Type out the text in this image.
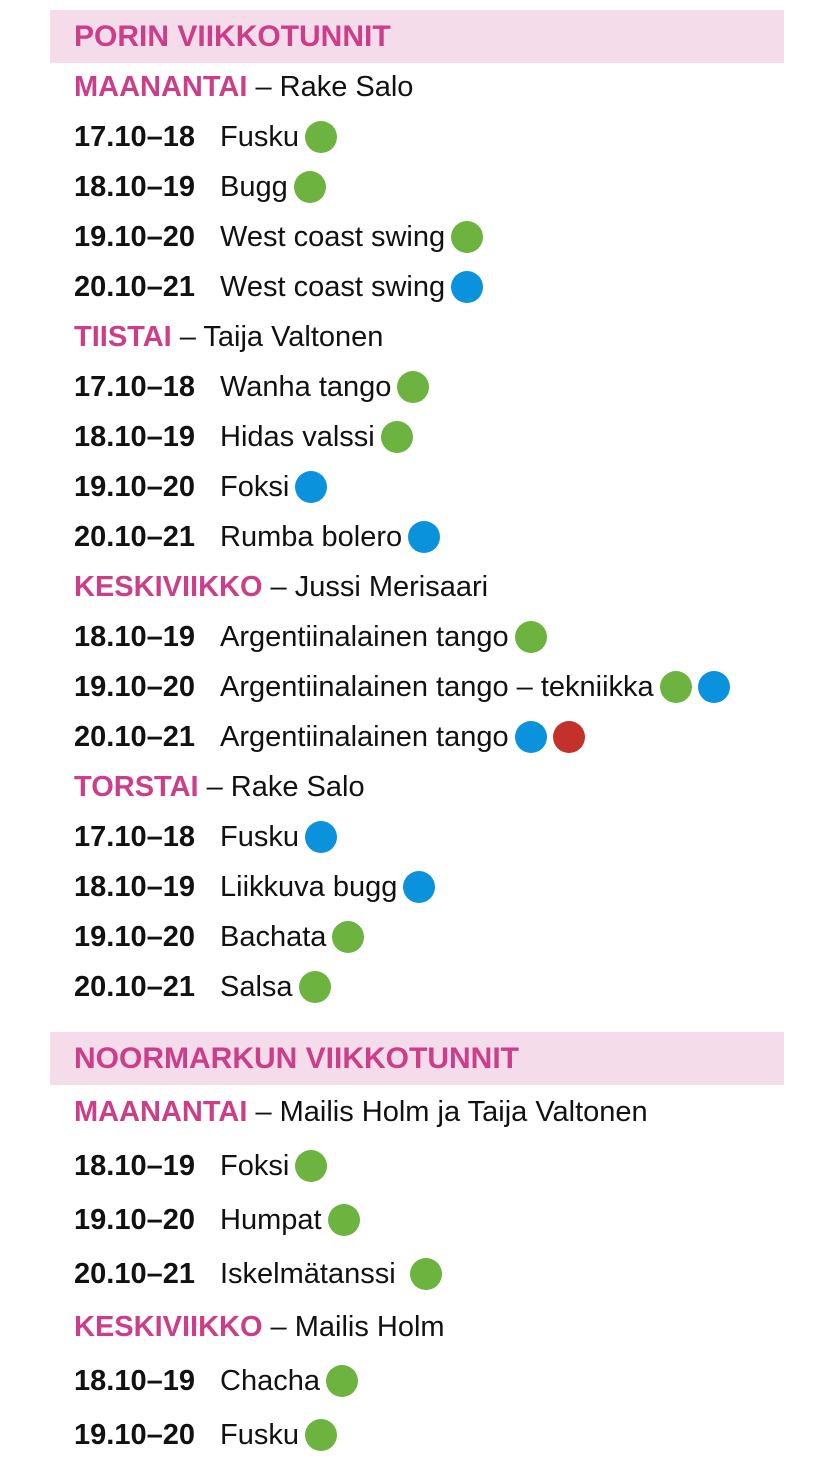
PORIN VIIKKOTUNNIT
MAANANTAI – Rake Salo
17.10–18 Fusku
18.10–19 Bugg
19.10–20 West coast swing
20.10–21 West coast swing
TIISTAI – Taija Valtonen
17.10–18 Wanha tango
18.10–19 Hidas valssi
19.10–20 Foksi
20.10–21 Rumba bolero
KESKIVIIKKO – Jussi Merisaari
18.10–19 Argentiinalainen tango
19.10–20 Argentiinalainen tango – tekniikka
20.10–21 Argentiinalainen tango
TORSTAI – Rake Salo
17.10–18 Fusku
18.10–19 Liikkuva bugg
19.10–20 Bachata
20.10–21 Salsa
NOORMARKUN VIIKKOTUNNIT
MAANANTAI – Mailis Holm ja Taija Valtonen
18.10–19 Foksi
19.10–20 Humpat
20.10–21 Iskelmätanssi
KESKIVIIKKO – Mailis Holm
18.10–19 Chacha
19.10–20 Fusku
